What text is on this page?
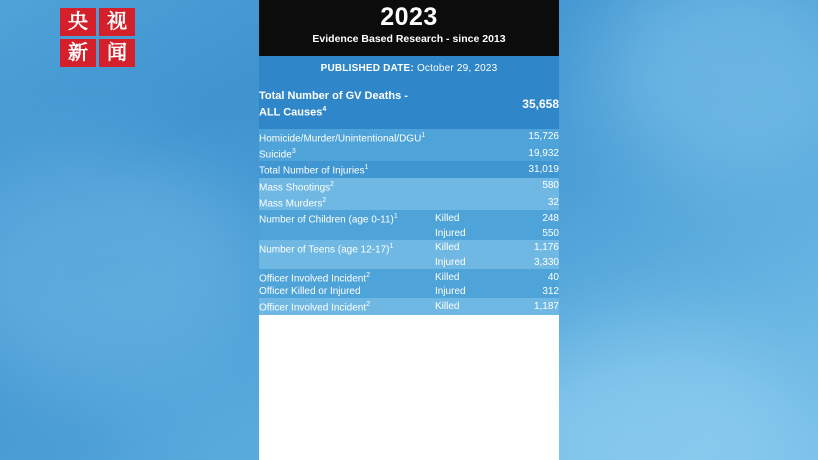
央 视
新 闻
2023
Evidence Based Research - since 2013
PUBLISHED DATE: October 29, 2023
Total Number of GV Deaths -
ALL Causes$^4$		35,658
Homicide/Murder/Unintentional/DGU$^1$		15,726
Suicide$^3$		19,932
Total Number of Injuries$^1$		31,019
Mass Shootings$^2$		580
Mass Murders$^2$		32
Number of Children (age 0-11)$^1$	Killed	248
	Injured	550
Number of Teens (age 12-17)$^1$	Killed	1,176
	Injured	3,330
Officer Involved Incident$^2$	Killed	40
Officer Killed or Injured	Injured	312
Officer Involved Incident$^2$	Killed	1,187
